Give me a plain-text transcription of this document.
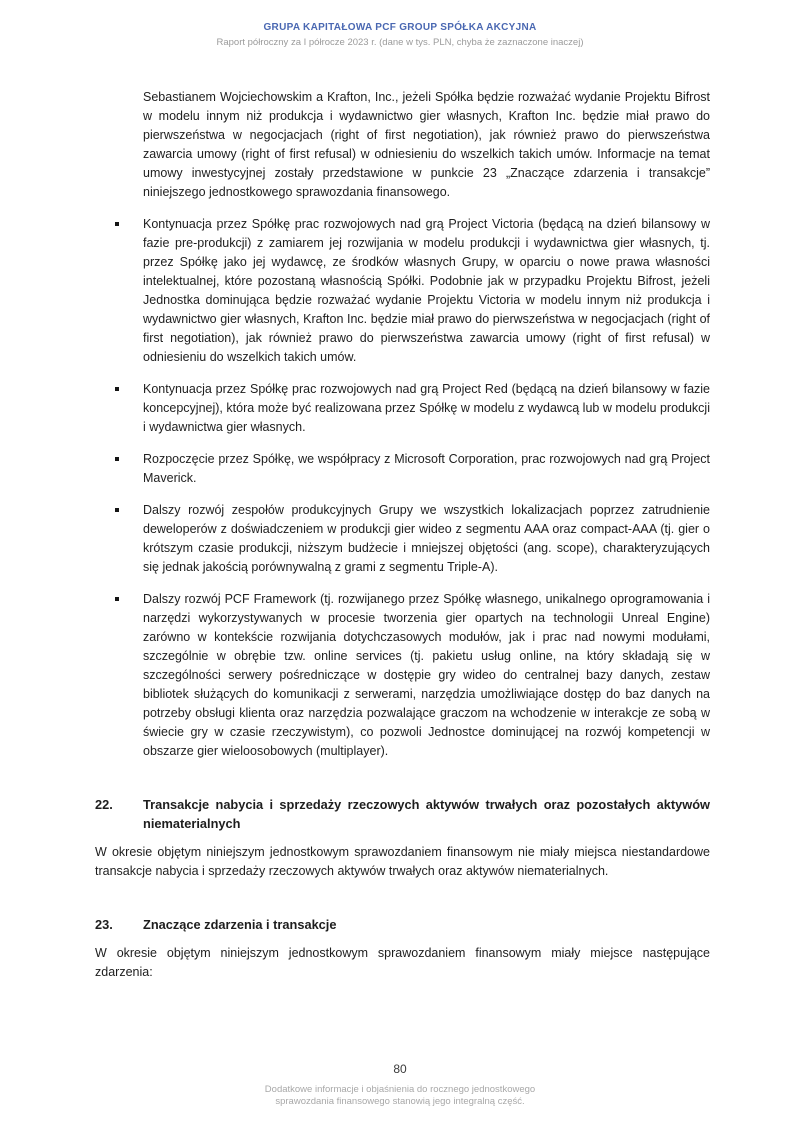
GRUPA KAPITAŁOWA PCF GROUP SPÓŁKA AKCYJNA
Raport półroczny za I półrocze 2023 r. (dane w tys. PLN, chyba że zaznaczone inaczej)

Sebastianem Wojciechowskim a Krafton, Inc., jeżeli Spółka będzie rozważać wydanie Projektu Bifrost w modelu innym niż produkcja i wydawnictwo gier własnych, Krafton Inc. będzie miał prawo do pierwszeństwa w negocjacjach (right of first negotiation), jak również prawo do pierwszeństwa zawarcia umowy (right of first refusal) w odniesieniu do wszelkich takich umów. Informacje na temat umowy inwestycyjnej zostały przedstawione w punkcie 23 „Znaczące zdarzenia i transakcje” niniejszego jednostkowego sprawozdania finansowego.

Kontynuacja przez Spółkę prac rozwojowych nad grą Project Victoria (będącą na dzień bilansowy w fazie pre-produkcji) z zamiarem jej rozwijania w modelu produkcji i wydawnictwa gier własnych, tj. przez Spółkę jako jej wydawcę, ze środków własnych Grupy, w oparciu o nowe prawa własności intelektualnej, które pozostaną własnością Spółki. Podobnie jak w przypadku Projektu Bifrost, jeżeli Jednostka dominująca będzie rozważać wydanie Projektu Victoria w modelu innym niż produkcja i wydawnictwo gier własnych, Krafton Inc. będzie miał prawo do pierwszeństwa w negocjacjach (right of first negotiation), jak również prawo do pierwszeństwa zawarcia umowy (right of first refusal) w odniesieniu do wszelkich takich umów.
Kontynuacja przez Spółkę prac rozwojowych nad grą Project Red (będącą na dzień bilansowy w fazie koncepcyjnej), która może być realizowana przez Spółkę w modelu z wydawcą lub w modelu produkcji i wydawnictwa gier własnych.
Rozpoczęcie przez Spółkę, we współpracy z Microsoft Corporation, prac rozwojowych nad grą Project Maverick.
Dalszy rozwój zespołów produkcyjnych Grupy we wszystkich lokalizacjach poprzez zatrudnienie deweloperów z doświadczeniem w produkcji gier wideo z segmentu AAA oraz compact-AAA (tj. gier o krótszym czasie produkcji, niższym budżecie i mniejszej objętości (ang. scope), charakteryzujących się jednak jakością porównywalną z grami z segmentu Triple-A).
Dalszy rozwój PCF Framework (tj. rozwijanego przez Spółkę własnego, unikalnego oprogramowania i narzędzi wykorzystywanych w procesie tworzenia gier opartych na technologii Unreal Engine) zarówno w kontekście rozwijania dotychczasowych modułów, jak i prac nad nowymi modułami, szczególnie w obrębie tzw. online services (tj. pakietu usług online, na który składają się w szczególności serwery pośredniczące w dostępie gry wideo do centralnej bazy danych, zestaw bibliotek służących do komunikacji z serwerami, narzędzia umożliwiające dostęp do baz danych na potrzeby obsługi klienta oraz narzędzia pozwalające graczom na wchodzenie w interakcje ze sobą w świecie gry w czasie rzeczywistym), co pozwoli Jednostce dominującej na rozwój kompetencji w obszarze gier wieloosobowych (multiplayer).
22.	Transakcje nabycia i sprzedaży rzeczowych aktywów trwałych oraz pozostałych aktywów niematerialnych

W okresie objętym niniejszym jednostkowym sprawozdaniem finansowym nie miały miejsca niestandardowe transakcje nabycia i sprzedaży rzeczowych aktywów trwałych oraz aktywów niematerialnych.

23.	Znaczące zdarzenia i transakcje

W okresie objętym niniejszym jednostkowym sprawozdaniem finansowym miały miejsce następujące zdarzenia:

80
Dodatkowe informacje i objaśnienia do rocznego jednostkowego
sprawozdania finansowego stanowią jego integralną część.
